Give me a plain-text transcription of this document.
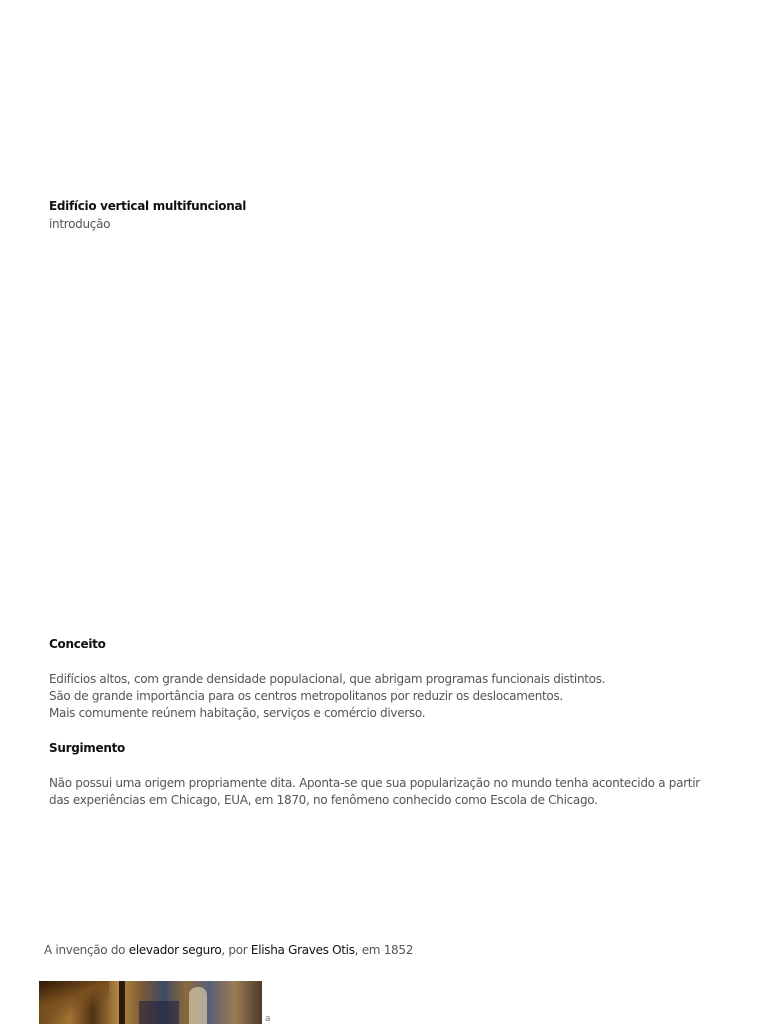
Edifício vertical multifuncional
introdução
Conceito
Edifícios altos, com grande densidade populacional, que abrigam programas funcionais distintos.
São de grande importância para os centros metropolitanos por reduzir os deslocamentos.
Mais comumente reúnem habitação, serviços e comércio diverso.
Surgimento
Não possui uma origem propriamente dita. Aponta-se que sua popularização no mundo tenha acontecido a partir
das experiências em Chicago, EUA, em 1870, no fenômeno conhecido como Escola de Chicago.
A invenção do elevador seguro, por Elisha Graves Otis, em 1852
a
